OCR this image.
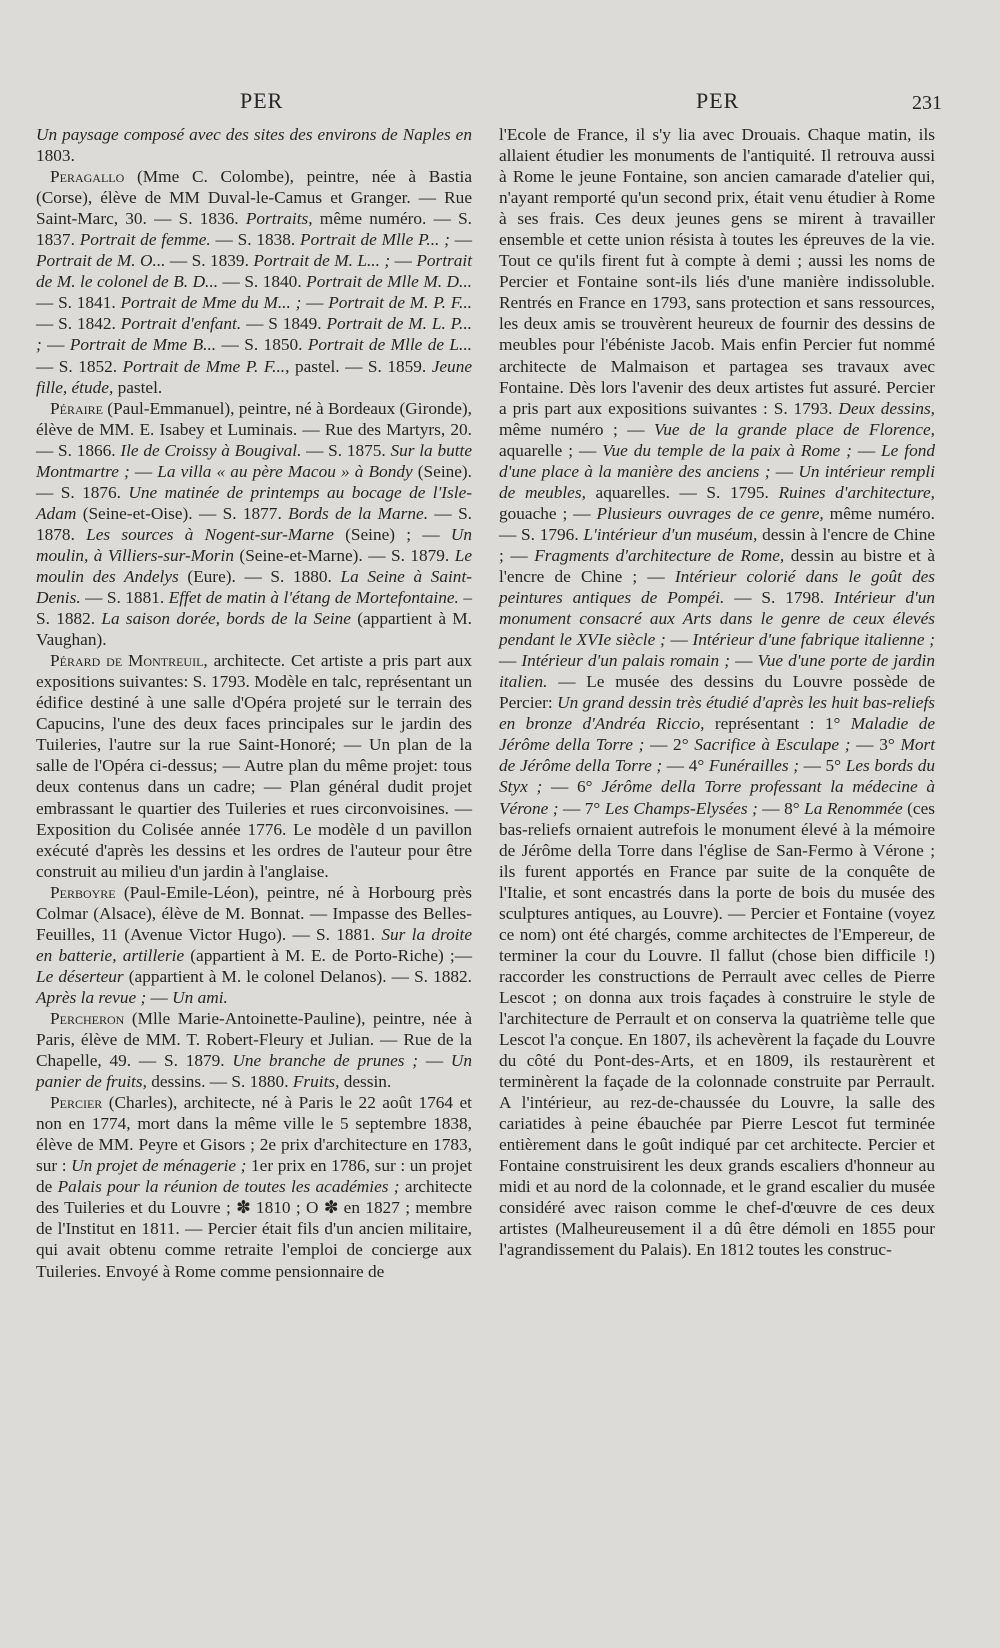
PER	PER	231

Un paysage composé avec des sites des environs de Naples en 1803.

Peragallo (Mme C. Colombe), peintre, née à Bastia (Corse), élève de MM Duval-le-Camus et Granger. — Rue Saint-Marc, 30. — S. 1836. Portraits, même numéro. — S. 1837. Portrait de femme. — S. 1838. Portrait de Mlle P... ; — Portrait de M. O... — S. 1839. Portrait de M. L... ; — Portrait de M. le colonel de B. D... — S. 1840. Portrait de Mlle M. D... — S. 1841. Portrait de Mme du M... ; — Portrait de M. P. F... — S. 1842. Portrait d'enfant. — S 1849. Portrait de M. L. P... ; — Portrait de Mme B... — S. 1850. Portrait de Mlle de L... — S. 1852. Portrait de Mme P. F..., pastel. — S. 1859. Jeune fille, étude, pastel.

Péraire (Paul-Emmanuel), peintre, né à Bordeaux (Gironde), élève de MM. E. Isabey et Luminais. — Rue des Martyrs, 20. — S. 1866. Ile de Croissy à Bougival. — S. 1875. Sur la butte Montmartre ; — La villa « au père Macou » à Bondy (Seine). — S. 1876. Une matinée de printemps au bocage de l'Isle-Adam (Seine-et-Oise). — S. 1877. Bords de la Marne. — S. 1878. Les sources à Nogent-sur-Marne (Seine) ; — Un moulin, à Villiers-sur-Morin (Seine-et-Marne). — S. 1879. Le moulin des Andelys (Eure). — S. 1880. La Seine à Saint-Denis. — S. 1881. Effet de matin à l'étang de Mortefontaine. – S. 1882. La saison dorée, bords de la Seine (appartient à M. Vaughan).

Pérard de Montreuil, architecte. Cet artiste a pris part aux expositions suivantes: S. 1793. Modèle en talc, représentant un édifice destiné à une salle d'Opéra projeté sur le terrain des Capucins, l'une des deux faces principales sur le jardin des Tuileries, l'autre sur la rue Saint-Honoré; — Un plan de la salle de l'Opéra ci-dessus; — Autre plan du même projet: tous deux contenus dans un cadre; — Plan général dudit projet embrassant le quartier des Tuileries et rues circonvoisines. — Exposition du Colisée année 1776. Le modèle d un pavillon exécuté d'après les dessins et les ordres de l'auteur pour être construit au milieu d'un jardin à l'anglaise.

Perboyre (Paul-Emile-Léon), peintre, né à Horbourg près Colmar (Alsace), élève de M. Bonnat. — Impasse des Belles-Feuilles, 11 (Avenue Victor Hugo). — S. 1881. Sur la droite en batterie, artillerie (appartient à M. E. de Porto-Riche) ;—Le déserteur (appartient à M. le colonel Delanos). — S. 1882. Après la revue ; — Un ami.

Percheron (Mlle Marie-Antoinette-Pauline), peintre, née à Paris, élève de MM. T. Robert-Fleury et Julian. — Rue de la Chapelle, 49. — S. 1879. Une branche de prunes ; — Un panier de fruits, dessins. — S. 1880. Fruits, dessin.

Percier (Charles), architecte, né à Paris le 22 août 1764 et non en 1774, mort dans la même ville le 5 septembre 1838, élève de MM. Peyre et Gisors ; 2e prix d'architecture en 1783, sur : Un projet de ménagerie ; 1er prix en 1786, sur : un projet de Palais pour la réunion de toutes les académies ; architecte des Tuileries et du Louvre ; ✽ 1810 ; O ✽ en 1827 ; membre de l'Institut en 1811. — Percier était fils d'un ancien militaire, qui avait obtenu comme retraite l'emploi de concierge aux Tuileries. Envoyé à Rome comme pensionnaire de

l'Ecole de France, il s'y lia avec Drouais. Chaque matin, ils allaient étudier les monuments de l'antiquité. Il retrouva aussi à Rome le jeune Fontaine, son ancien camarade d'atelier qui, n'ayant remporté qu'un second prix, était venu étudier à Rome à ses frais. Ces deux jeunes gens se mirent à travailler ensemble et cette union résista à toutes les épreuves de la vie. Tout ce qu'ils firent fut à compte à demi ; aussi les noms de Percier et Fontaine sont-ils liés d'une manière indissoluble. Rentrés en France en 1793, sans protection et sans ressources, les deux amis se trouvèrent heureux de fournir des dessins de meubles pour l'ébéniste Jacob. Mais enfin Percier fut nommé architecte de Malmaison et partagea ses travaux avec Fontaine. Dès lors l'avenir des deux artistes fut assuré. Percier a pris part aux expositions suivantes : S. 1793. Deux dessins, même numéro ; — Vue de la grande place de Florence, aquarelle ; — Vue du temple de la paix à Rome ; — Le fond d'une place à la manière des anciens ; — Un intérieur rempli de meubles, aquarelles. — S. 1795. Ruines d'architecture, gouache ; — Plusieurs ouvrages de ce genre, même numéro. — S. 1796. L'intérieur d'un muséum, dessin à l'encre de Chine ; — Fragments d'architecture de Rome, dessin au bistre et à l'encre de Chine ; — Intérieur colorié dans le goût des peintures antiques de Pompéi. — S. 1798. Intérieur d'un monument consacré aux Arts dans le genre de ceux élevés pendant le XVIe siècle ; — Intérieur d'une fabrique italienne ; — Intérieur d'un palais romain ; — Vue d'une porte de jardin italien. — Le musée des dessins du Louvre possède de Percier: Un grand dessin très étudié d'après les huit bas-reliefs en bronze d'Andréa Riccio, représentant : 1° Maladie de Jérôme della Torre ; — 2° Sacrifice à Esculape ; — 3° Mort de Jérôme della Torre ; — 4° Funérailles ; — 5° Les bords du Styx ; — 6° Jérôme della Torre professant la médecine à Vérone ; — 7° Les Champs-Elysées ; — 8° La Renommée (ces bas-reliefs ornaient autrefois le monument élevé à la mémoire de Jérôme della Torre dans l'église de San-Fermo à Vérone ; ils furent apportés en France par suite de la conquête de l'Italie, et sont encastrés dans la porte de bois du musée des sculptures antiques, au Louvre). — Percier et Fontaine (voyez ce nom) ont été chargés, comme architectes de l'Empereur, de terminer la cour du Louvre. Il fallut (chose bien difficile !) raccorder les constructions de Perrault avec celles de Pierre Lescot ; on donna aux trois façades à construire le style de l'architecture de Perrault et on conserva la quatrième telle que Lescot l'a conçue. En 1807, ils achevèrent la façade du Louvre du côté du Pont-des-Arts, et en 1809, ils restaurèrent et terminèrent la façade de la colonnade construite par Perrault. A l'intérieur, au rez-de-chaussée du Louvre, la salle des cariatides à peine ébauchée par Pierre Lescot fut terminée entièrement dans le goût indiqué par cet architecte. Percier et Fontaine construisirent les deux grands escaliers d'honneur au midi et au nord de la colonnade, et le grand escalier du musée considéré avec raison comme le chef-d'œuvre de ces deux artistes (Malheureusement il a dû être démoli en 1855 pour l'agrandissement du Palais). En 1812 toutes les construc-
